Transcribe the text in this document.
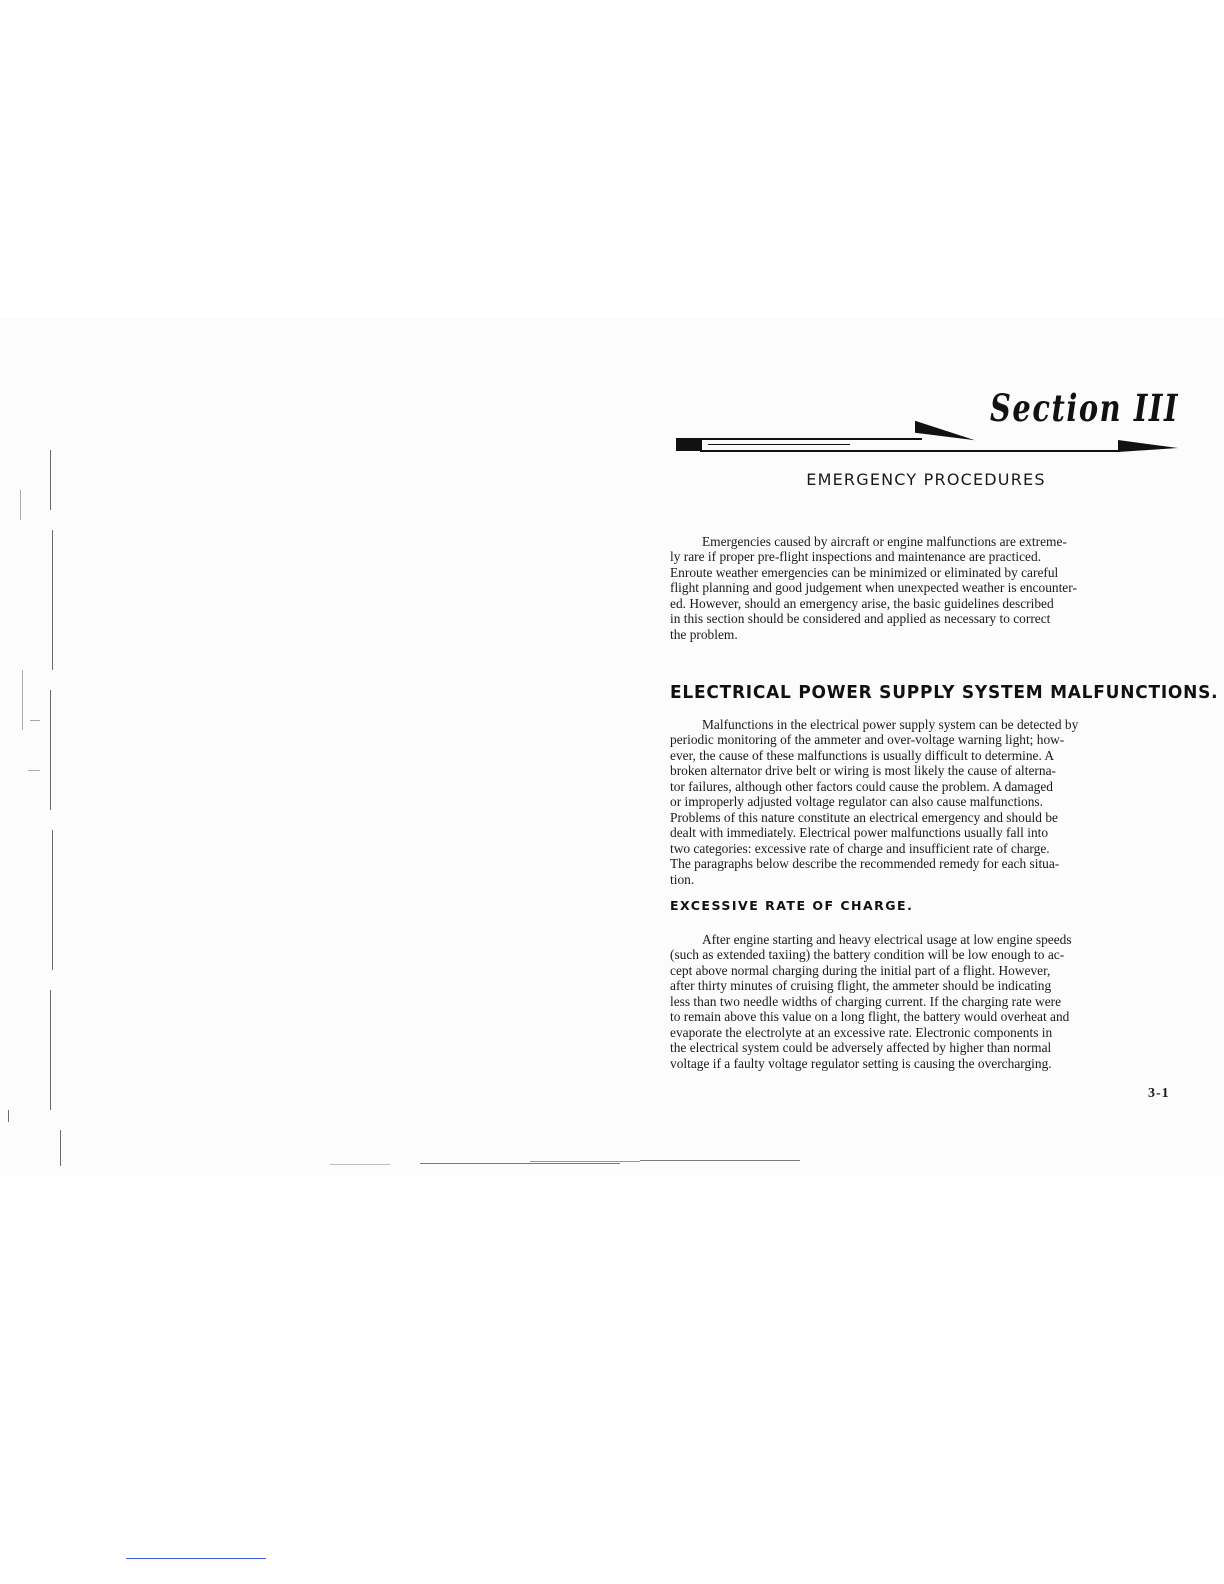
Section III
EMERGENCY PROCEDURES
Emergencies caused by aircraft or engine malfunctions are extreme-
ly rare if proper pre-flight inspections and maintenance are practiced.
Enroute weather emergencies can be minimized or eliminated by careful
flight planning and good judgement when unexpected weather is encounter-
ed. However, should an emergency arise, the basic guidelines described
in this section should be considered and applied as necessary to correct
the problem.
ELECTRICAL POWER SUPPLY SYSTEM MALFUNCTIONS.
Malfunctions in the electrical power supply system can be detected by
periodic monitoring of the ammeter and over-voltage warning light; how-
ever, the cause of these malfunctions is usually difficult to determine. A
broken alternator drive belt or wiring is most likely the cause of alterna-
tor failures, although other factors could cause the problem. A damaged
or improperly adjusted voltage regulator can also cause malfunctions.
Problems of this nature constitute an electrical emergency and should be
dealt with immediately. Electrical power malfunctions usually fall into
two categories: excessive rate of charge and insufficient rate of charge.
The paragraphs below describe the recommended remedy for each situa-
tion.
EXCESSIVE RATE OF CHARGE.
After engine starting and heavy electrical usage at low engine speeds
(such as extended taxiing) the battery condition will be low enough to ac-
cept above normal charging during the initial part of a flight. However,
after thirty minutes of cruising flight, the ammeter should be indicating
less than two needle widths of charging current. If the charging rate were
to remain above this value on a long flight, the battery would overheat and
evaporate the electrolyte at an excessive rate. Electronic components in
the electrical system could be adversely affected by higher than normal
voltage if a faulty voltage regulator setting is causing the overcharging.
3-1
